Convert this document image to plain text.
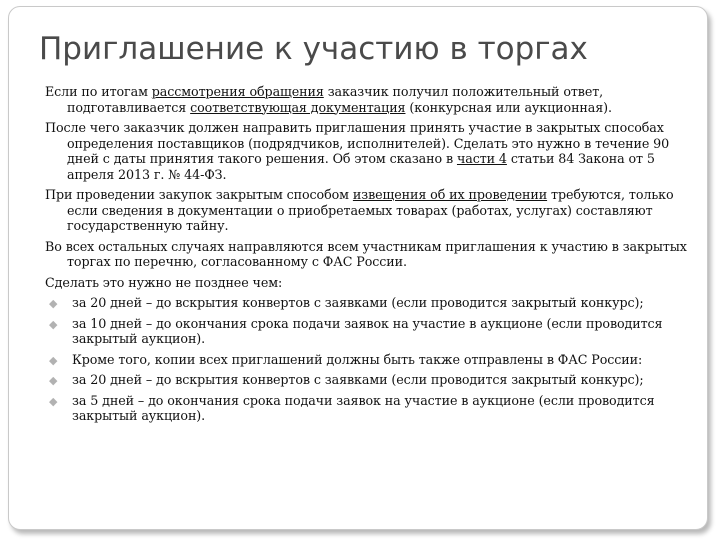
Приглашение к участию в торгах

Если по итогам рассмотрения обращения заказчик получил положительный ответ, подготавливается соответствующая документация (конкурсная или аукционная).

После чего заказчик должен направить приглашения принять участие в закрытых способах определения поставщиков (подрядчиков, исполнителей). Сделать это нужно в течение 90 дней с даты принятия такого решения. Об этом сказано в части 4 статьи 84 Закона от 5 апреля 2013 г. № 44-ФЗ.

При проведении закупок закрытым способом извещения об их проведении требуются, только если сведения в документации о приобретаемых товарах (работах, услугах) составляют государственную тайну.

Во всех остальных случаях направляются всем участникам приглашения к участию в закрытых торгах по перечню, согласованному с ФАС России.

Сделать это нужно не позднее чем:

◆ за 20 дней – до вскрытия конвертов с заявками (если проводится закрытый конкурс);
◆ за 10 дней – до окончания срока подачи заявок на участие в аукционе (если проводится закрытый аукцион).
◆ Кроме того, копии всех приглашений должны быть также отправлены в ФАС России:
◆ за 20 дней – до вскрытия конвертов с заявками (если проводится закрытый конкурс);
◆ за 5 дней – до окончания срока подачи заявок на участие в аукционе (если проводится закрытый аукцион).
